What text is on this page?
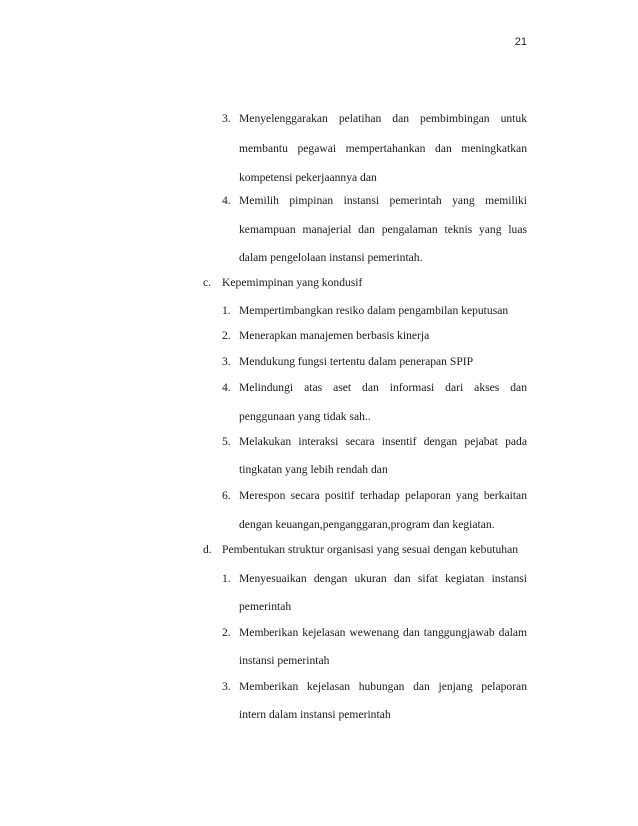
21
3. Menyelenggarakan pelatihan dan pembimbingan untuk
membantu pegawai mempertahankan dan meningkatkan
kompetensi pekerjaannya dan
4. Memilih pimpinan instansi pemerintah yang memiliki
kemampuan manajerial dan pengalaman teknis yang luas
dalam pengelolaan instansi pemerintah.
c. Kepemimpinan yang kondusif
1. Mempertimbangkan resiko dalam pengambilan keputusan
2. Menerapkan manajemen berbasis kinerja
3. Mendukung fungsi tertentu dalam penerapan SPIP
4. Melindungi atas aset dan informasi dari akses dan
penggunaan yang tidak sah..
5. Melakukan interaksi secara insentif dengan pejabat pada
tingkatan yang lebih rendah dan
6. Merespon secara positif terhadap pelaporan yang berkaitan
dengan keuangan,penganggaran,program dan kegiatan.
d. Pembentukan struktur organisasi yang sesuai dengan kebutuhan
1. Menyesuaikan dengan ukuran dan sifat kegiatan instansi
pemerintah
2. Memberikan kejelasan wewenang dan tanggungjawab dalam
instansi pemerintah
3. Memberikan kejelasan hubungan dan jenjang pelaporan
intern dalam instansi pemerintah
